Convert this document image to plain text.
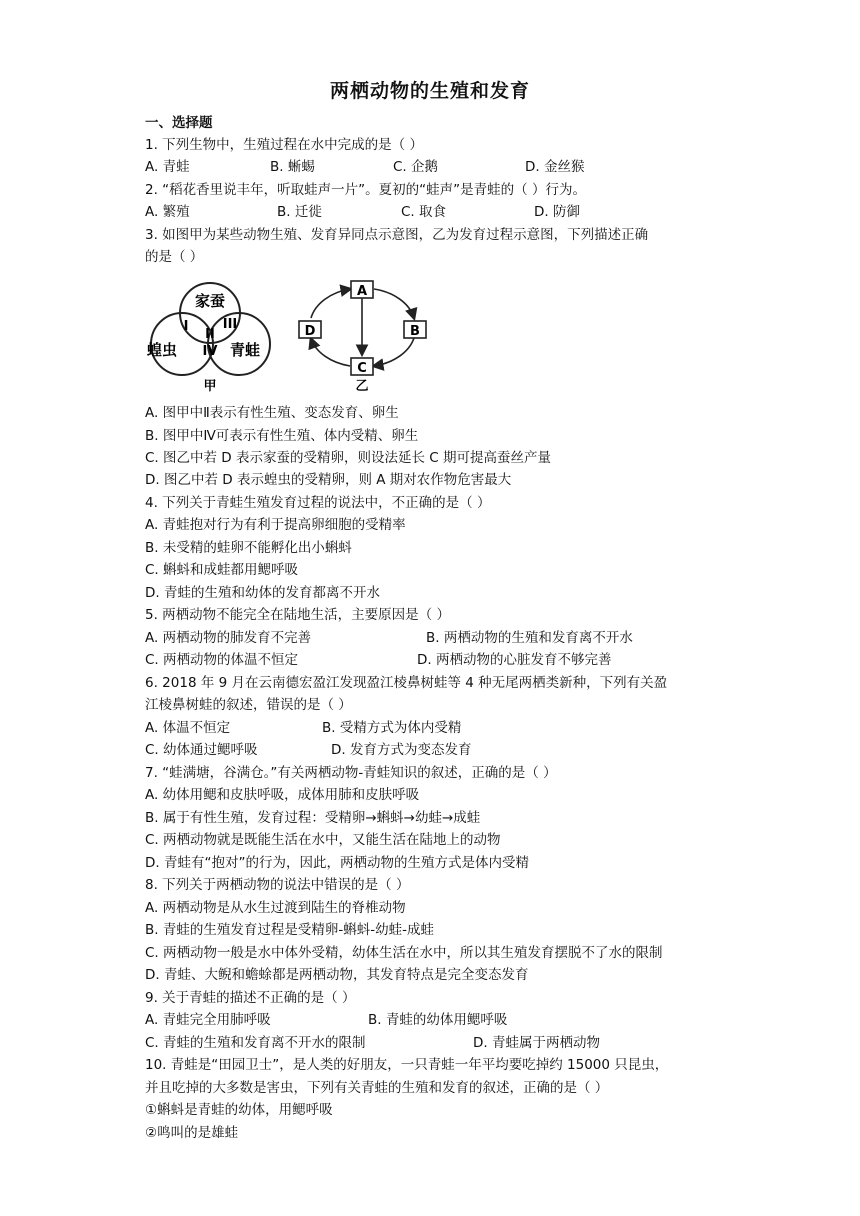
两栖动物的生殖和发育
一、选择题
1. 下列生物中，生殖过程在水中完成的是（ ）
A. 青蛙	B. 蜥蜴	C. 企鹅	D. 金丝猴
2. “稻花香里说丰年，听取蛙声一片”。夏初的“蛙声”是青蛙的（ ）行为。
A. 繁殖	B. 迁徙	C. 取食	D. 防御
3. 如图甲为某些动物生殖、发育异同点示意图，乙为发育过程示意图，下列描述正确
的是（ ）
家蚕
蝗虫	青蛙
I
II
III
IV
甲
A
B
C
D
乙
A. 图甲中Ⅱ表示有性生殖、变态发育、卵生
B. 图甲中Ⅳ可表示有性生殖、体内受精、卵生
C. 图乙中若 D 表示家蚕的受精卵，则设法延长 C 期可提高蚕丝产量
D. 图乙中若 D 表示蝗虫的受精卵，则 A 期对农作物危害最大
4. 下列关于青蛙生殖发育过程的说法中，不正确的是（ ）
A. 青蛙抱对行为有利于提高卵细胞的受精率
B. 未受精的蛙卵不能孵化出小蝌蚪
C. 蝌蚪和成蛙都用鳃呼吸
D. 青蛙的生殖和幼体的发育都离不开水
5. 两栖动物不能完全在陆地生活，主要原因是（ ）
A. 两栖动物的肺发育不完善	B. 两栖动物的生殖和发育离不开水
C. 两栖动物的体温不恒定	D. 两栖动物的心脏发育不够完善
6. 2018 年 9 月在云南德宏盈江发现盈江棱鼻树蛙等 4 种无尾两栖类新种，下列有关盈
江棱鼻树蛙的叙述，错误的是（ ）
A. 体温不恒定	B. 受精方式为体内受精
C. 幼体通过鳃呼吸	D. 发育方式为变态发育
7. “蛙满塘，谷满仓。”有关两栖动物-青蛙知识的叙述，正确的是（ ）
A. 幼体用鳃和皮肤呼吸，成体用肺和皮肤呼吸
B. 属于有性生殖，发育过程：受精卵→蝌蚪→幼蛙→成蛙
C. 两栖动物就是既能生活在水中，又能生活在陆地上的动物
D. 青蛙有“抱对”的行为，因此，两栖动物的生殖方式是体内受精
8. 下列关于两栖动物的说法中错误的是（ ）
A. 两栖动物是从水生过渡到陆生的脊椎动物
B. 青蛙的生殖发育过程是受精卵-蝌蚪-幼蛙-成蛙
C. 两栖动物一般是水中体外受精，幼体生活在水中，所以其生殖发育摆脱不了水的限制
D. 青蛙、大鲵和蟾蜍都是两栖动物，其发育特点是完全变态发育
9. 关于青蛙的描述不正确的是（ ）
A. 青蛙完全用肺呼吸	B. 青蛙的幼体用鳃呼吸
C. 青蛙的生殖和发育离不开水的限制	D. 青蛙属于两栖动物
10. 青蛙是“田园卫士”，是人类的好朋友，一只青蛙一年平均要吃掉约 15000 只昆虫，
并且吃掉的大多数是害虫，下列有关青蛙的生殖和发育的叙述，正确的是（ ）
①蝌蚪是青蛙的幼体，用鳃呼吸
②鸣叫的是雄蛙
